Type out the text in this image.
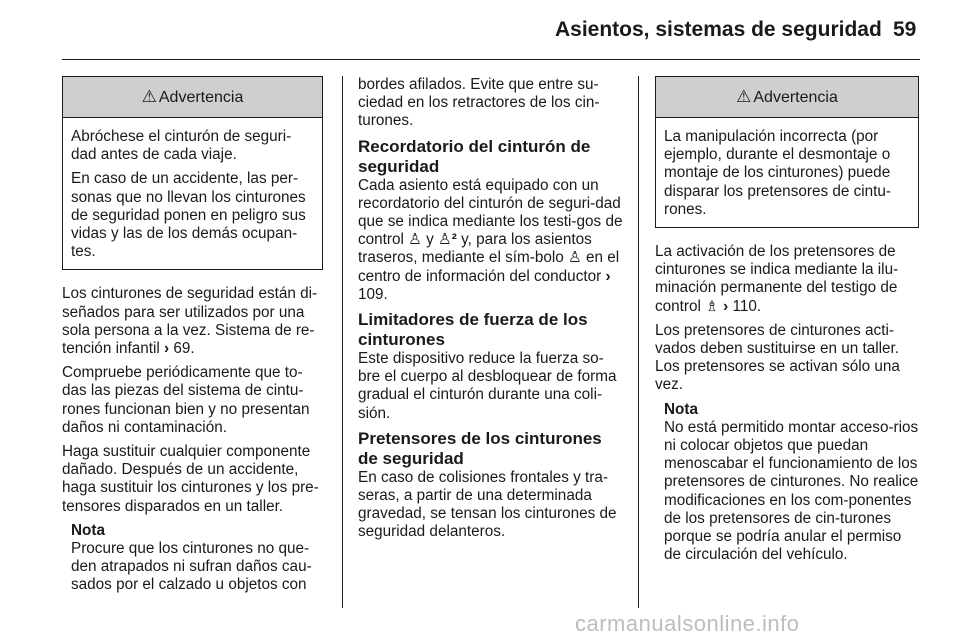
Asientos, sistemas de seguridad 59
⚠ Advertencia

Abróchese el cinturón de seguri-dad antes de cada viaje.

En caso de un accidente, las per-sonas que no llevan los cinturones de seguridad ponen en peligro sus vidas y las de los demás ocupan-tes.

Los cinturones de seguridad están di-señados para ser utilizados por una sola persona a la vez. Sistema de re-tención infantil › 69.

Compruebe periódicamente que to-das las piezas del sistema de cintu-rones funcionan bien y no presentan daños ni contaminación.

Haga sustituir cualquier componente dañado. Después de un accidente, haga sustituir los cinturones y los pre-tensores disparados en un taller.

Nota
Procure que los cinturones no que-den atrapados ni sufran daños cau-sados por el calzado u objetos con

bordes afilados. Evite que entre su-ciedad en los retractores de los cin-turones.

Recordatorio del cinturón de seguridad

Cada asiento está equipado con un recordatorio del cinturón de seguri-dad que se indica mediante los testi-gos de control ♙ y ♙² y, para los asientos traseros, mediante el sím-bolo ♙ en el centro de información del conductor › 109.

Limitadores de fuerza de los cinturones

Este dispositivo reduce la fuerza so-bre el cuerpo al desbloquear de forma gradual el cinturón durante una coli-sión.

Pretensores de los cinturones de seguridad

En caso de colisiones frontales y tra-seras, a partir de una determinada gravedad, se tensan los cinturones de seguridad delanteros.

⚠ Advertencia

La manipulación incorrecta (por ejemplo, durante el desmontaje o montaje de los cinturones) puede disparar los pretensores de cintu-rones.

La activación de los pretensores de cinturones se indica mediante la ilu-minación permanente del testigo de control ♗ › 110.

Los pretensores de cinturones acti-vados deben sustituirse en un taller. Los pretensores se activan sólo una vez.

Nota
No está permitido montar acceso-rios ni colocar objetos que puedan menoscabar el funcionamiento de los pretensores de cinturones. No realice modificaciones en los com-ponentes de los pretensores de cin-turones porque se podría anular el permiso de circulación del vehículo.
carmanualsonline.info
